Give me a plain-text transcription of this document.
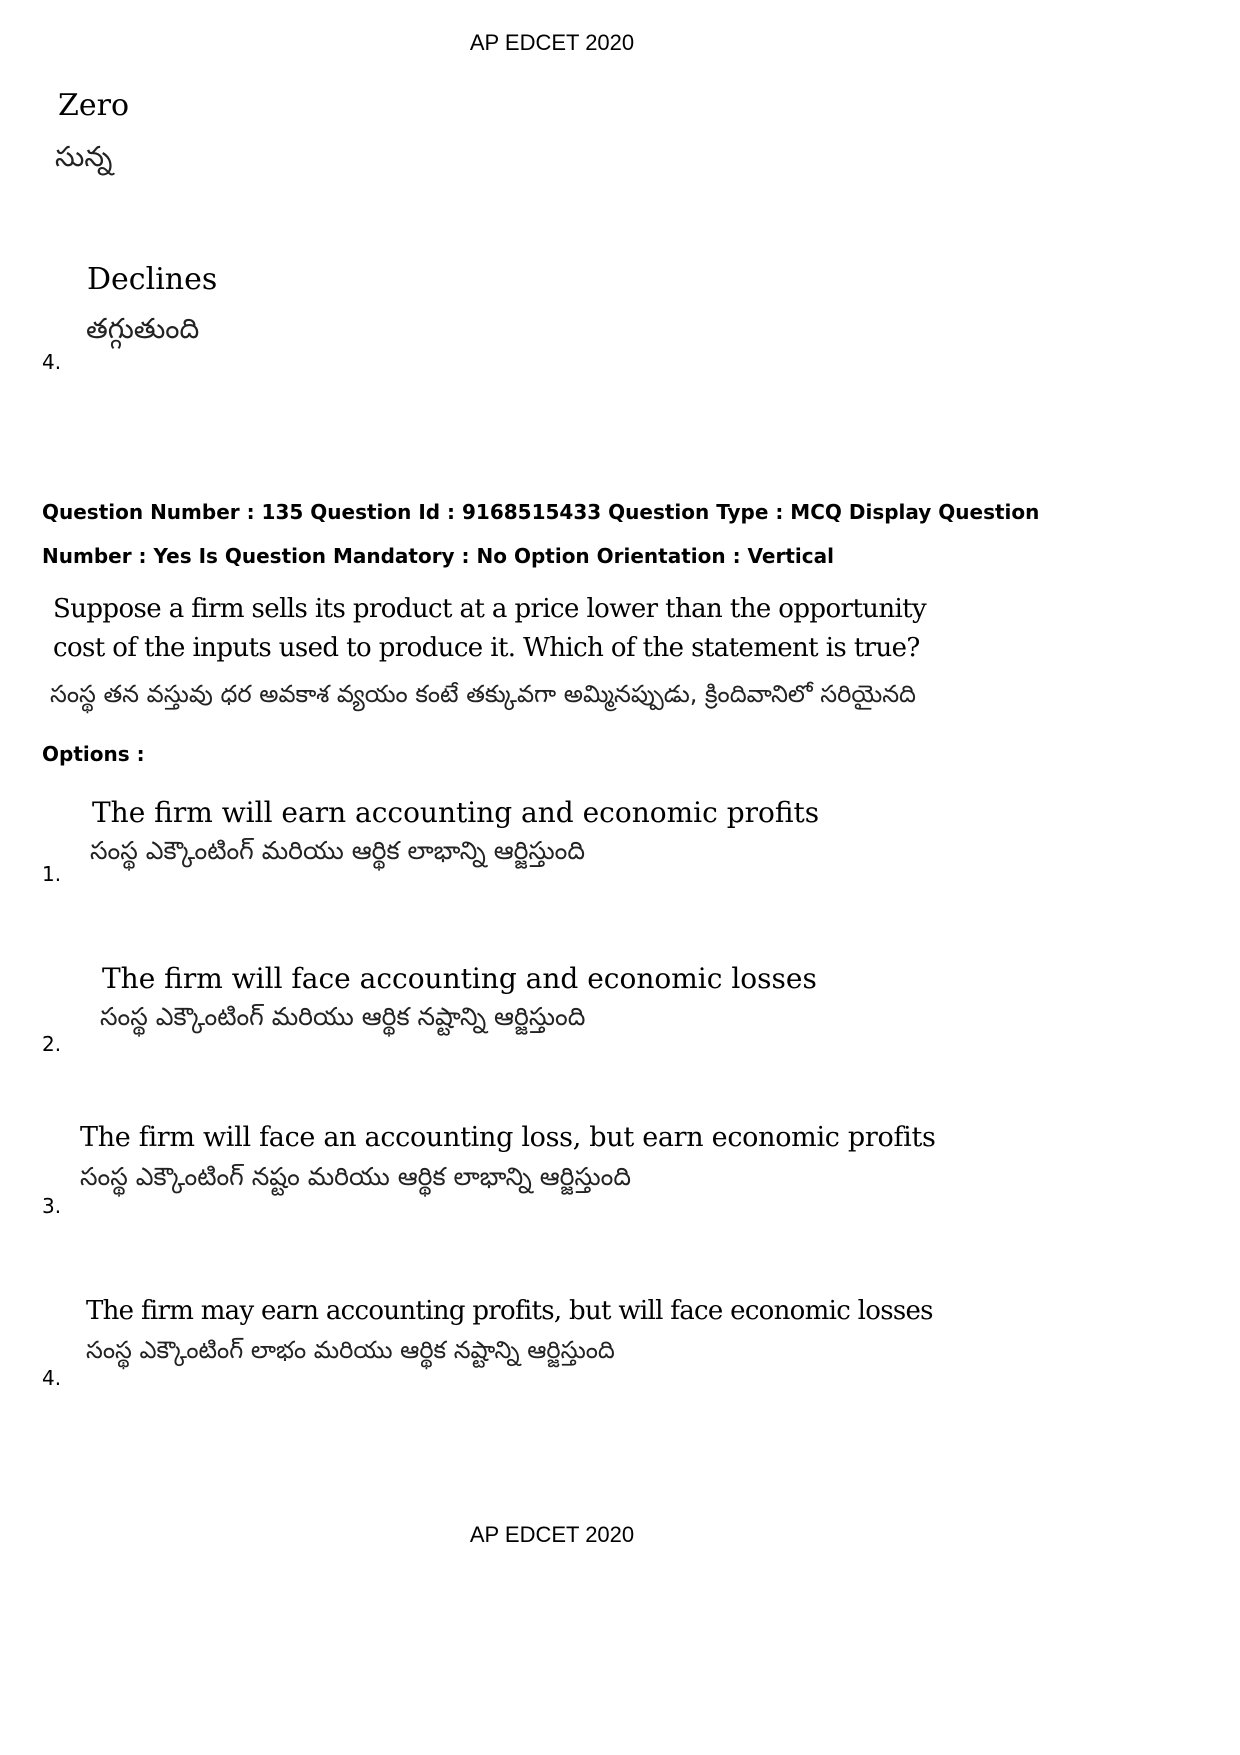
AP EDCET 2020
Zero
సున్న
Declines
తగ్గుతుంది
4.
Question Number : 135 Question Id : 9168515433 Question Type : MCQ Display Question
Number : Yes Is Question Mandatory : No Option Orientation : Vertical
Suppose a firm sells its product at a price lower than the opportunity
cost of the inputs used to produce it. Which of the statement is true?
సంస్థ తన వస్తువు ధర అవకాశ వ్యయం కంటే తక్కువగా అమ్మినప్పుడు, క్రిందివానిలో సరియైనది
Options :
The firm will earn accounting and economic profits
సంస్థ ఎక్కౌంటింగ్ మరియు ఆర్థిక లాభాన్ని ఆర్జిస్తుంది
1.
The firm will face accounting and economic losses
సంస్థ ఎక్కౌంటింగ్ మరియు ఆర్థిక నష్టాన్ని ఆర్జిస్తుంది
2.
The firm will face an accounting loss, but earn economic profits
సంస్థ ఎక్కౌంటింగ్ నష్టం మరియు ఆర్థిక లాభాన్ని ఆర్జిస్తుంది
3.
The firm may earn accounting profits, but will face economic losses
సంస్థ ఎక్కౌంటింగ్ లాభం మరియు ఆర్థిక నష్టాన్ని ఆర్జిస్తుంది
4.
AP EDCET 2020
